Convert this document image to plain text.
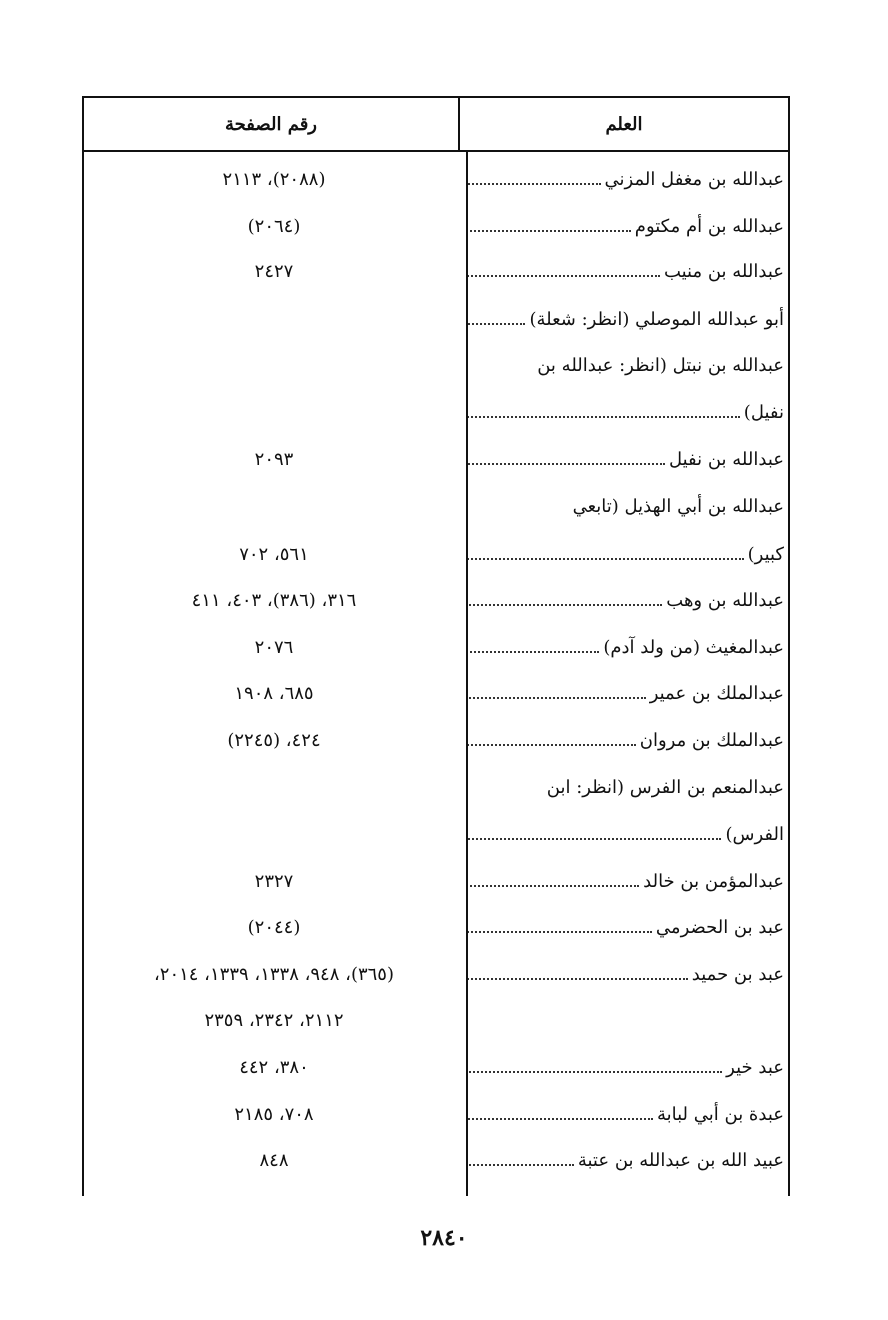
العلم
رقم الصفحة
عبدالله بن مغفل المزني
(٢٠٨٨)، ٢١١٣
عبدالله بن أم مكتوم
(٢٠٦٤)
عبدالله بن منيب
٢٤٢٧
أبو عبدالله الموصلي (انظر: شعلة)
عبدالله بن نبتل (انظر: عبدالله بن
نفيل)
عبدالله بن نفيل
٢٠٩٣
عبدالله بن أبي الهذيل (تابعي
كبير)
٥٦١، ٧٠٢
عبدالله بن وهب
٣١٦، (٣٨٦)، ٤٠٣، ٤١١
عبدالمغيث (من ولد آدم)
٢٠٧٦
عبدالملك بن عمير
٦٨٥، ١٩٠٨
عبدالملك بن مروان
٤٢٤، (٢٢٤٥)
عبدالمنعم بن الفرس (انظر: ابن
الفرس)
عبدالمؤمن بن خالد
٢٣٢٧
عبد بن الحضرمي
(٢٠٤٤)
عبد بن حميد
(٣٦٥)، ٩٤٨، ١٣٣٨، ١٣٣٩، ٢٠١٤،
٢١١٢، ٢٣٤٢، ٢٣٥٩
عبد خير
٣٨٠، ٤٤٢
عبدة بن أبي لبابة
٧٠٨، ٢١٨٥
عبيد الله بن عبدالله بن عتبة
٨٤٨
٢٨٤٠
